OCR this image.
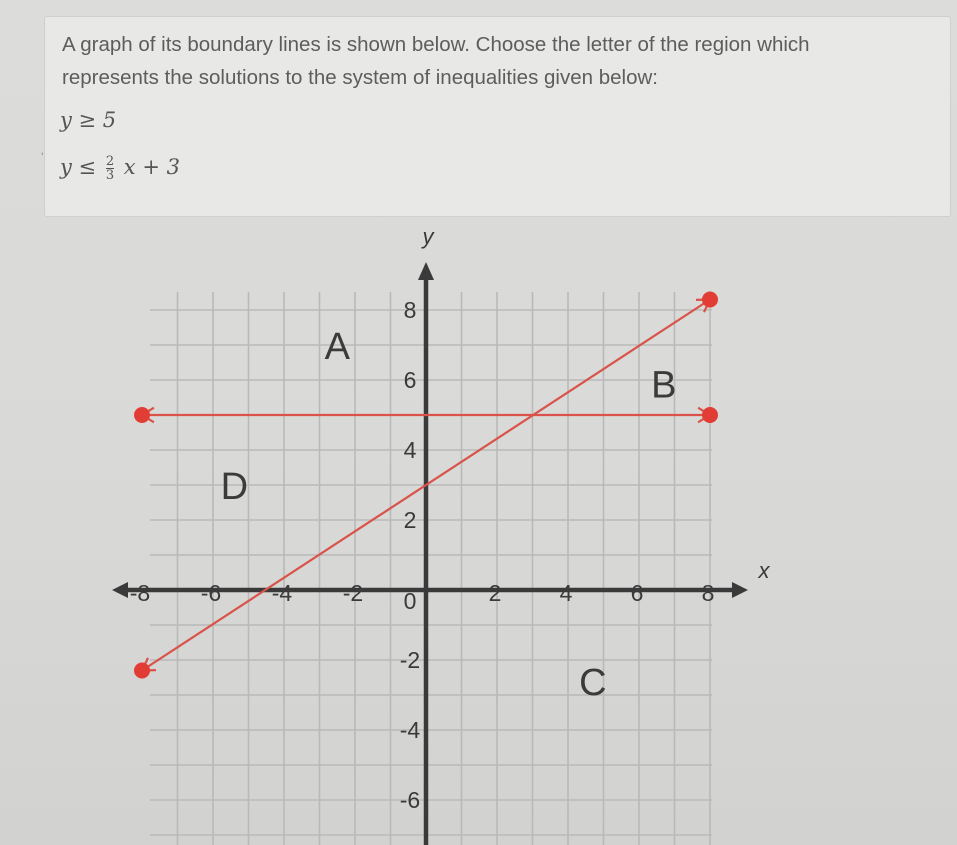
A graph of its boundary lines is shown below. Choose the letter of the region which represents the solutions to the system of inequalities given below:

ʾ
y ≥ 5
$y \le \frac{2}{3}$ x + 3
x
y
-8 -6 -4 -2	2	4	6	8
8
6
4
2
0
-2
-4
-6
A
B
C
D
